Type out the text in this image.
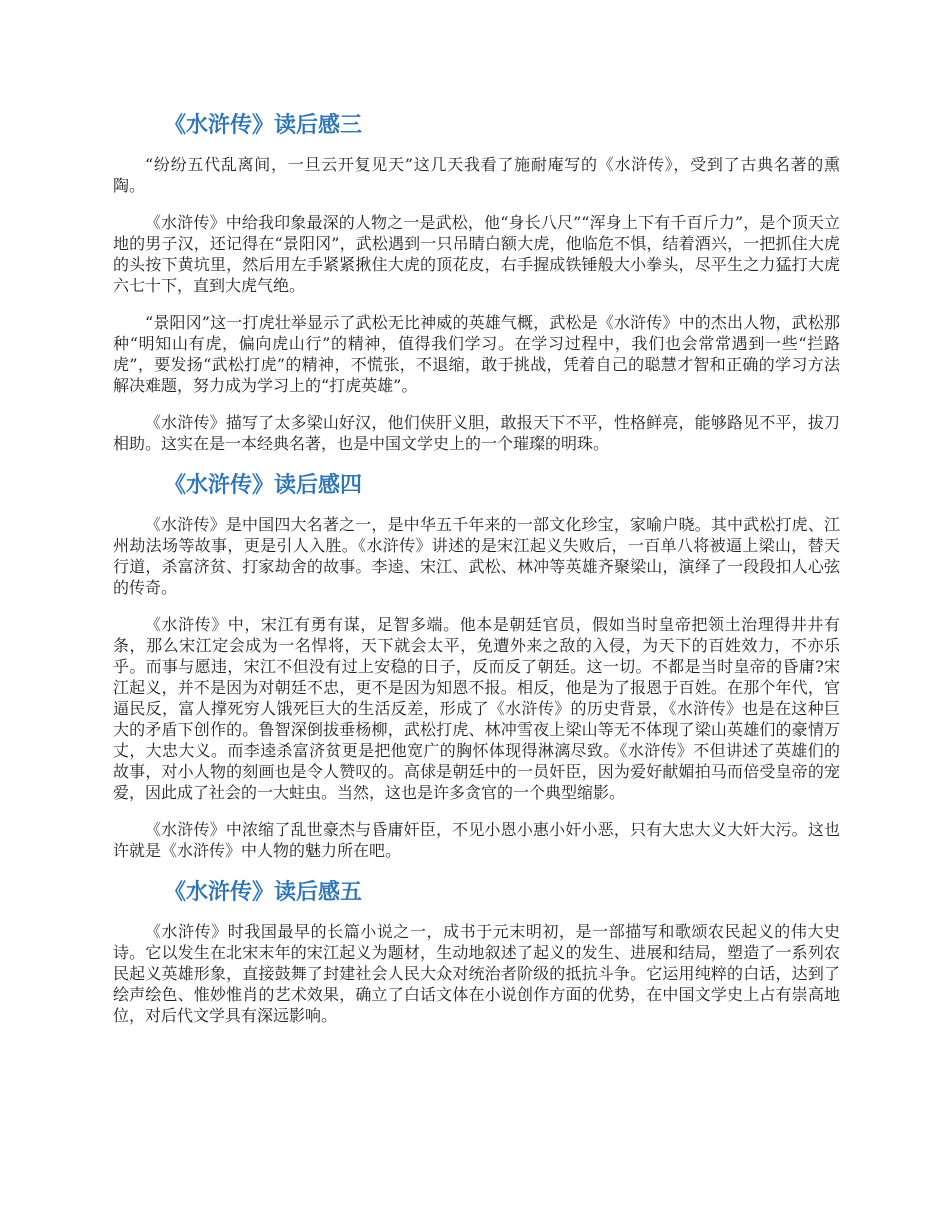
《水浒传》读后感三

“纷纷五代乱离间，一旦云开复见天”这几天我看了施耐庵写的《水浒传》，受到了古典名著的熏陶。

《水浒传》中给我印象最深的人物之一是武松，他“身长八尺”“浑身上下有千百斤力”，是个顶天立地的男子汉，还记得在“景阳冈”，武松遇到一只吊睛白额大虎，他临危不惧，结着酒兴，一把抓住大虎的头按下黄坑里，然后用左手紧紧揪住大虎的顶花皮，右手握成铁锤般大小拳头，尽平生之力猛打大虎六七十下，直到大虎气绝。

“景阳冈”这一打虎壮举显示了武松无比神威的英雄气概，武松是《水浒传》中的杰出人物，武松那种“明知山有虎，偏向虎山行”的精神，值得我们学习。在学习过程中，我们也会常常遇到一些“拦路虎”，要发扬“武松打虎”的精神，不慌张，不退缩，敢于挑战，凭着自己的聪慧才智和正确的学习方法解决难题，努力成为学习上的“打虎英雄”。

《水浒传》描写了太多梁山好汉，他们侠肝义胆，敢报天下不平，性格鲜亮，能够路见不平，拔刀相助。这实在是一本经典名著，也是中国文学史上的一个璀璨的明珠。

《水浒传》读后感四

《水浒传》是中国四大名著之一，是中华五千年来的一部文化珍宝，家喻户晓。其中武松打虎、江州劫法场等故事，更是引人入胜。《水浒传》讲述的是宋江起义失败后，一百单八将被逼上梁山，替天行道，杀富济贫、打家劫舍的故事。李逵、宋江、武松、林冲等英雄齐聚梁山，演绎了一段段扣人心弦的传奇。

《水浒传》中，宋江有勇有谋，足智多端。他本是朝廷官员，假如当时皇帝把领土治理得井井有条，那么宋江定会成为一名悍将，天下就会太平，免遭外来之敌的入侵，为天下的百姓效力，不亦乐乎。而事与愿违，宋江不但没有过上安稳的日子，反而反了朝廷。这一切。不都是当时皇帝的昏庸?宋江起义，并不是因为对朝廷不忠，更不是因为知恩不报。相反，他是为了报恩于百姓。在那个年代，官逼民反，富人撑死穷人饿死巨大的生活反差，形成了《水浒传》的历史背景，《水浒传》也是在这种巨大的矛盾下创作的。鲁智深倒拔垂杨柳，武松打虎、林冲雪夜上梁山等无不体现了梁山英雄们的豪情万丈，大忠大义。而李逵杀富济贫更是把他宽广的胸怀体现得淋漓尽致。《水浒传》不但讲述了英雄们的故事，对小人物的刻画也是令人赞叹的。高俅是朝廷中的一员奸臣，因为爱好献媚拍马而倍受皇帝的宠爱，因此成了社会的一大蛀虫。当然，这也是许多贪官的一个典型缩影。

《水浒传》中浓缩了乱世豪杰与昏庸奸臣，不见小恩小惠小奸小恶，只有大忠大义大奸大污。这也许就是《水浒传》中人物的魅力所在吧。

《水浒传》读后感五

《水浒传》时我国最早的长篇小说之一，成书于元末明初，是一部描写和歌颂农民起义的伟大史诗。它以发生在北宋末年的宋江起义为题材，生动地叙述了起义的发生、进展和结局，塑造了一系列农民起义英雄形象，直接鼓舞了封建社会人民大众对统治者阶级的抵抗斗争。它运用纯粹的白话，达到了绘声绘色、惟妙惟肖的艺术效果，确立了白话文体在小说创作方面的优势，在中国文学史上占有崇高地位，对后代文学具有深远影响。
